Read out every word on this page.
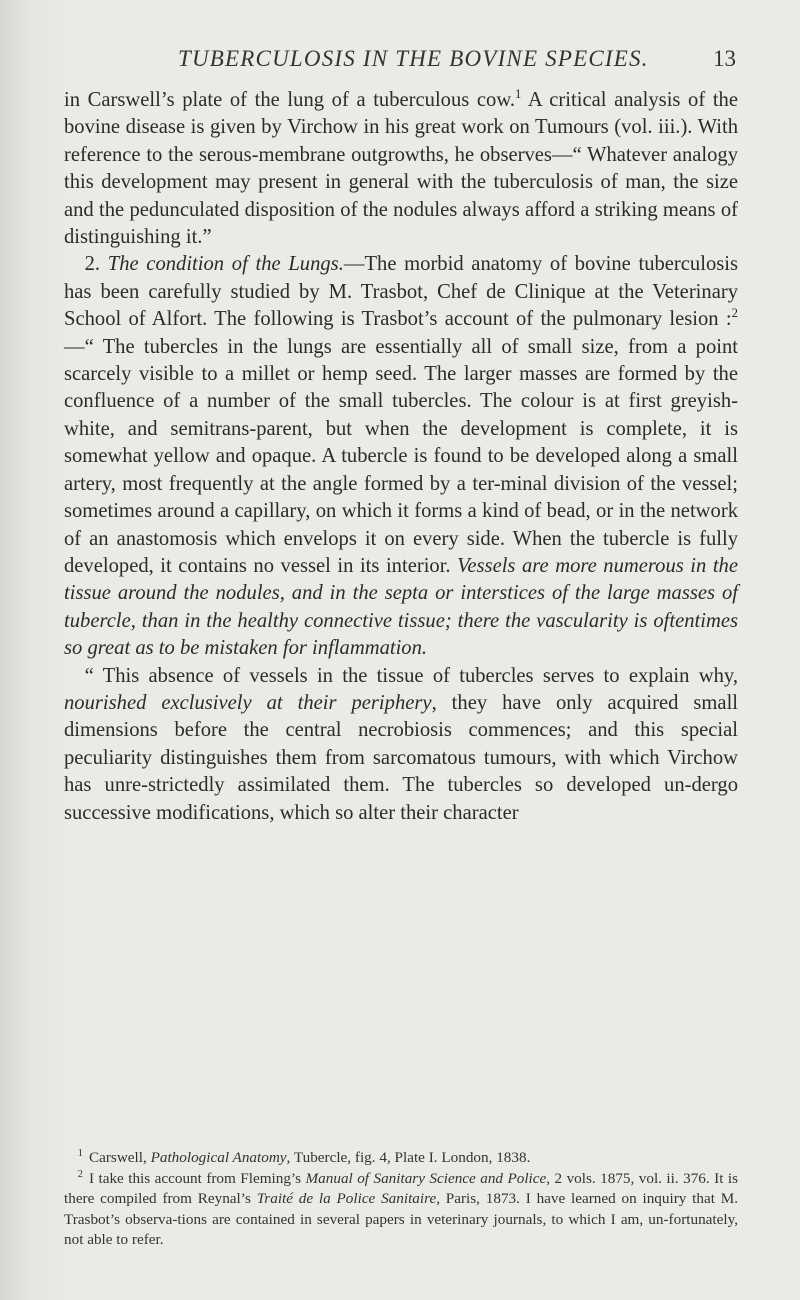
TUBERCULOSIS IN THE BOVINE SPECIES.	13

in Carswell’s plate of the lung of a tuberculous cow.$^1$ A critical analysis of the bovine disease is given by Virchow in his great work on Tumours (vol. iii.). With reference to the serous-membrane outgrowths, he observes—“ Whatever analogy this development may present in general with the tuberculosis of man, the size and the pedunculated disposition of the nodules always afford a striking means of distinguishing it.”

2. The condition of the Lungs.—The morbid anatomy of bovine tuberculosis has been carefully studied by M. Trasbot, Chef de Clinique at the Veterinary School of Alfort. The following is Trasbot’s account of the pulmonary lesion :$^2$—“ The tubercles in the lungs are essentially all of small size, from a point scarcely visible to a millet or hemp seed. The larger masses are formed by the confluence of a number of the small tubercles. The colour is at first greyish-white, and semitrans-parent, but when the development is complete, it is somewhat yellow and opaque. A tubercle is found to be developed along a small artery, most frequently at the angle formed by a ter-minal division of the vessel; sometimes around a capillary, on which it forms a kind of bead, or in the network of an anastomosis which envelops it on every side. When the tubercle is fully developed, it contains no vessel in its interior. Vessels are more numerous in the tissue around the nodules, and in the septa or interstices of the large masses of tubercle, than in the healthy connective tissue; there the vascularity is oftentimes so great as to be mistaken for inflammation.

“ This absence of vessels in the tissue of tubercles serves to explain why, nourished exclusively at their periphery, they have only acquired small dimensions before the central necrobiosis commences; and this special peculiarity distinguishes them from sarcomatous tumours, with which Virchow has unre-strictedly assimilated them. The tubercles so developed un-dergo successive modifications, which so alter their character

$^1$ Carswell, Pathological Anatomy, Tubercle, fig. 4, Plate I. London, 1838.

$^2$ I take this account from Fleming’s Manual of Sanitary Science and Police, 2 vols. 1875, vol. ii. 376. It is there compiled from Reynal’s Traité de la Police Sanitaire, Paris, 1873. I have learned on inquiry that M. Trasbot’s observa-tions are contained in several papers in veterinary journals, to which I am, un-fortunately, not able to refer.
